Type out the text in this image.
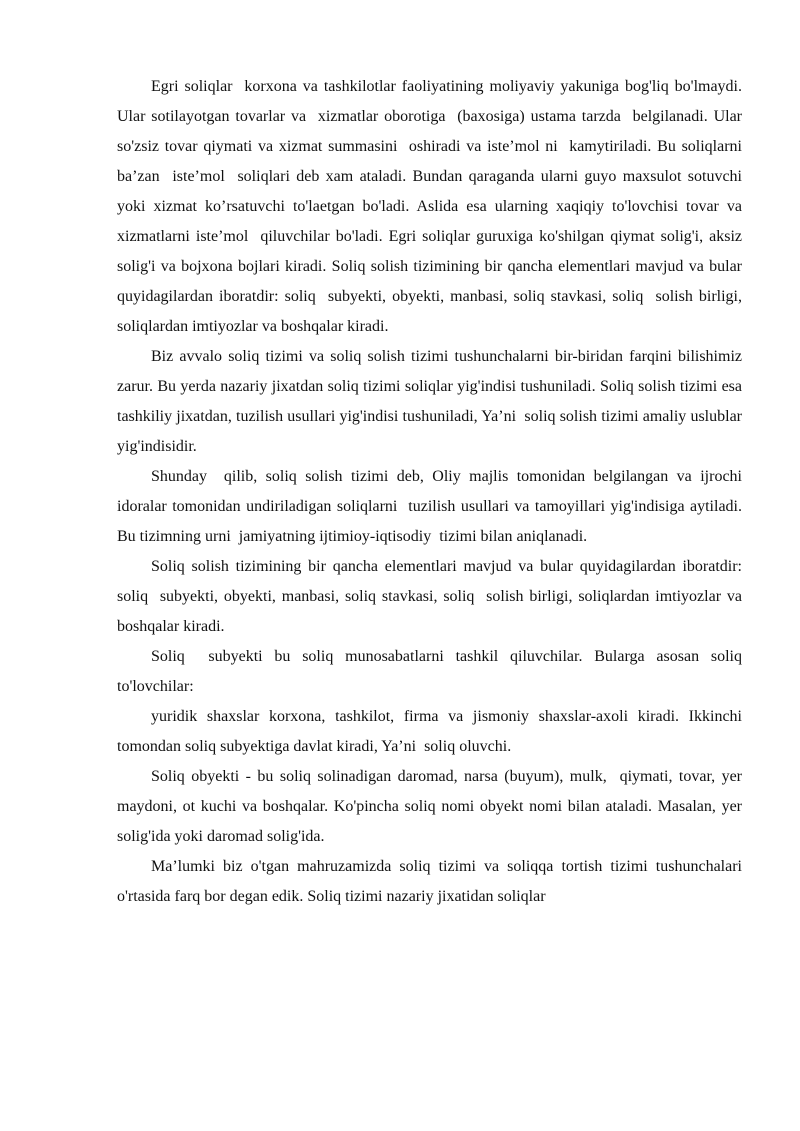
Egri soliqlar  korxona va tashkilotlar faoliyatining moliyaviy yakuniga bog'liq bo'lmaydi. Ular sotilayotgan tovarlar va  xizmatlar oborotiga  (baxosiga) ustama tarzda  belgilanadi. Ular so'zsiz tovar qiymati va xizmat summasini  oshiradi va iste’mol ni  kamytiriladi. Bu soliqlarni ba’zan  iste’mol  soliqlari deb xam ataladi. Bundan qaraganda ularni guyo maxsulot sotuvchi yoki xizmat ko’rsatuvchi to'laetgan bo'ladi. Aslida esa ularning xaqiqiy to'lovchisi tovar va xizmatlarni iste’mol  qiluvchilar bo'ladi. Egri soliqlar guruxiga ko'shilgan qiymat solig'i, aksiz solig'i va bojxona bojlari kiradi. Soliq solish tizimining bir qancha elementlari mavjud va bular quyidagilardan iboratdir: soliq  subyekti, obyekti, manbasi, soliq stavkasi, soliq  solish birligi,  soliqlardan imtiyozlar va boshqalar kiradi.

Biz avvalo soliq tizimi va soliq solish tizimi tushunchalarni bir-biridan farqini bilishimiz zarur. Bu yerda nazariy jixatdan soliq tizimi soliqlar yig'indisi tushuniladi. Soliq solish tizimi esa tashkiliy jixatdan, tuzilish usullari yig'indisi tushuniladi, Ya’ni  soliq solish tizimi amaliy uslublar yig'indisidir.

Shunday  qilib, soliq solish tizimi deb, Oliy majlis tomonidan belgilangan va ijrochi idoralar tomonidan undiriladigan soliqlarni  tuzilish usullari va tamoyillari yig'indisiga aytiladi. Bu tizimning urni  jamiyatning ijtimioy-iqtisodiy  tizimi bilan aniqlanadi.

Soliq solish tizimining bir qancha elementlari mavjud va bular quyidagilardan iboratdir: soliq  subyekti, obyekti, manbasi, soliq stavkasi, soliq  solish birligi, soliqlardan imtiyozlar va boshqalar kiradi.

Soliq  subyekti bu soliq munosabatlarni tashkil qiluvchilar. Bularga asosan soliq to'lovchilar:

yuridik shaxslar korxona, tashkilot, firma va jismoniy shaxslar-axoli kiradi. Ikkinchi tomondan soliq subyektiga davlat kiradi, Ya’ni  soliq oluvchi.

Soliq obyekti - bu soliq solinadigan daromad, narsa (buyum), mulk,  qiymati, tovar, yer maydoni, ot kuchi va boshqalar. Ko'pincha soliq nomi obyekt nomi bilan ataladi. Masalan, yer solig'ida yoki daromad solig'ida.

Ma’lumki biz o'tgan mahruzamizda soliq tizimi va soliqqa tortish tizimi tushunchalari o'rtasida farq bor degan edik. Soliq tizimi nazariy jixatidan soliqlar
